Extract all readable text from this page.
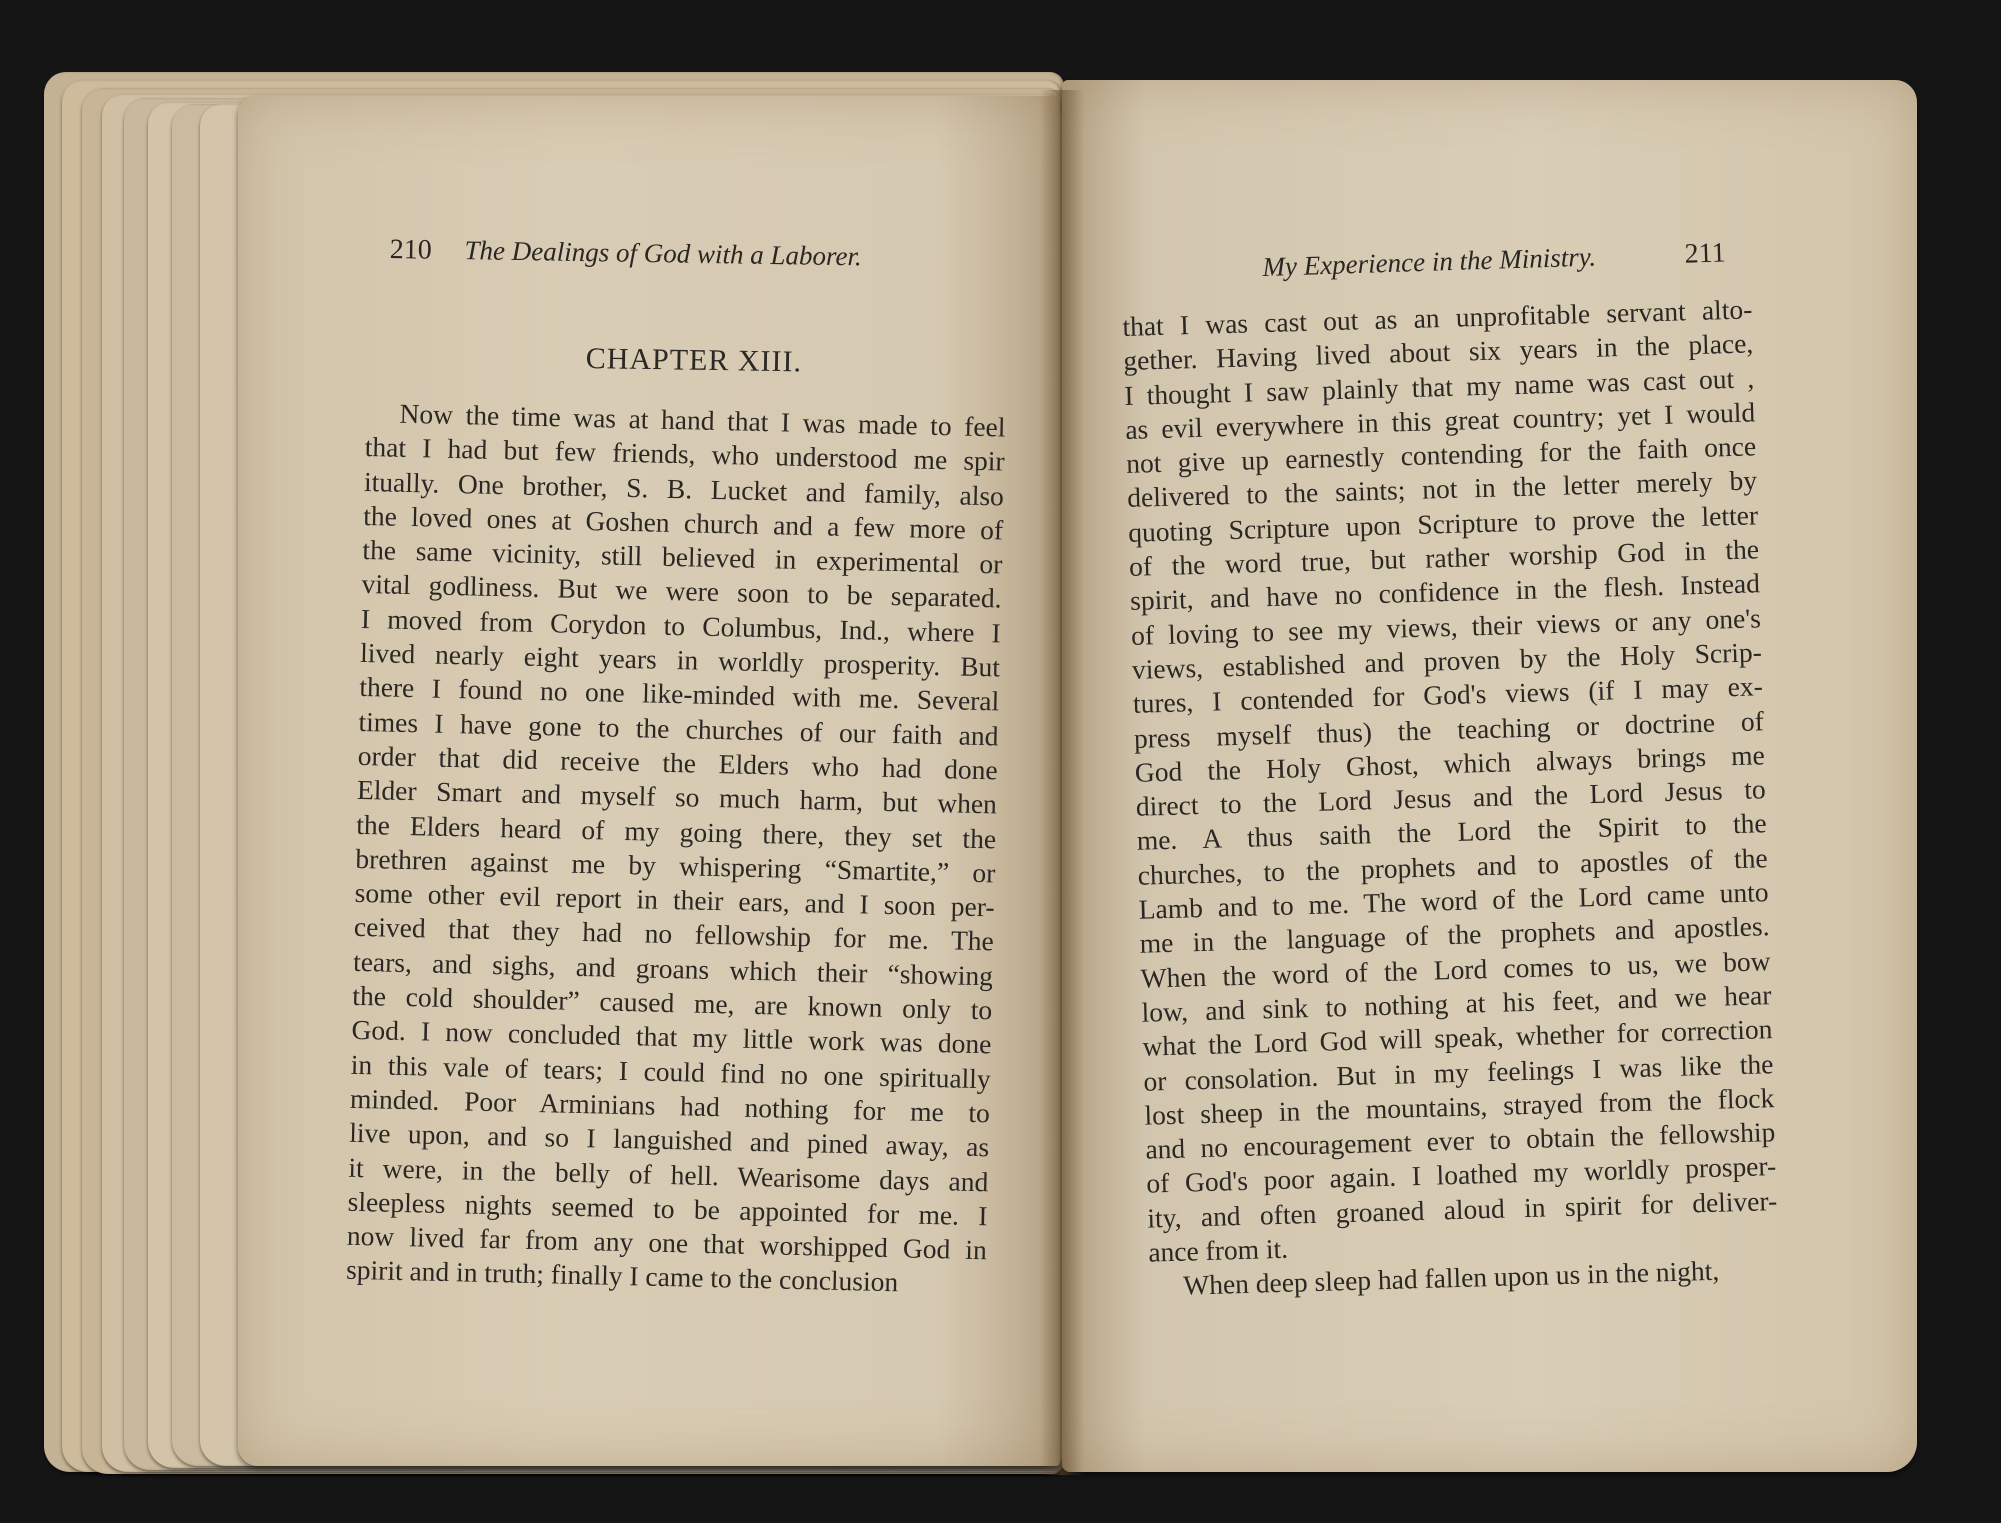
210 The Dealings of God with a Laborer.
CHAPTER XIII.
Now the time was at hand that I was made to feel
that I had but few friends, who understood me spir
itually. One brother, S. B. Lucket and family, also
the loved ones at Goshen church and a few more of
the same vicinity, still believed in experimental or
vital godliness. But we were soon to be separated.
I moved from Corydon to Columbus, Ind., where I
lived nearly eight years in worldly prosperity. But
there I found no one like-minded with me. Several
times I have gone to the churches of our faith and
order that did receive the Elders who had done
Elder Smart and myself so much harm, but when
the Elders heard of my going there, they set the
brethren against me by whispering “Smartite,” or
some other evil report in their ears, and I soon per-
ceived that they had no fellowship for me. The
tears, and sighs, and groans which their “showing
the cold shoulder” caused me, are known only to
God. I now concluded that my little work was done
in this vale of tears; I could find no one spiritually
minded. Poor Arminians had nothing for me to
live upon, and so I languished and pined away, as
it were, in the belly of hell. Wearisome days and
sleepless nights seemed to be appointed for me. I
now lived far from any one that worshipped God in
spirit and in truth; finally I came to the conclusion
My Experience in the Ministry.	211
that I was cast out as an unprofitable servant alto-
gether. Having lived about six years in the place,
I thought I saw plainly that my name was cast out ,
as evil everywhere in this great country; yet I would
not give up earnestly contending for the faith once
delivered to the saints; not in the letter merely by
quoting Scripture upon Scripture to prove the letter
of the word true, but rather worship God in the
spirit, and have no confidence in the flesh. Instead
of loving to see my views, their views or any one's
views, established and proven by the Holy Scrip-
tures, I contended for God's views (if I may ex-
press myself thus) the teaching or doctrine of
God the Holy Ghost, which always brings me
direct to the Lord Jesus and the Lord Jesus to
me. A thus saith the Lord the Spirit to the
churches, to the prophets and to apostles of the
Lamb and to me. The word of the Lord came unto
me in the language of the prophets and apostles.
When the word of the Lord comes to us, we bow
low, and sink to nothing at his feet, and we hear
what the Lord God will speak, whether for correction
or consolation. But in my feelings I was like the
lost sheep in the mountains, strayed from the flock
and no encouragement ever to obtain the fellowship
of God's poor again. I loathed my worldly prosper-
ity, and often groaned aloud in spirit for deliver-
ance from it.
When deep sleep had fallen upon us in the night,
